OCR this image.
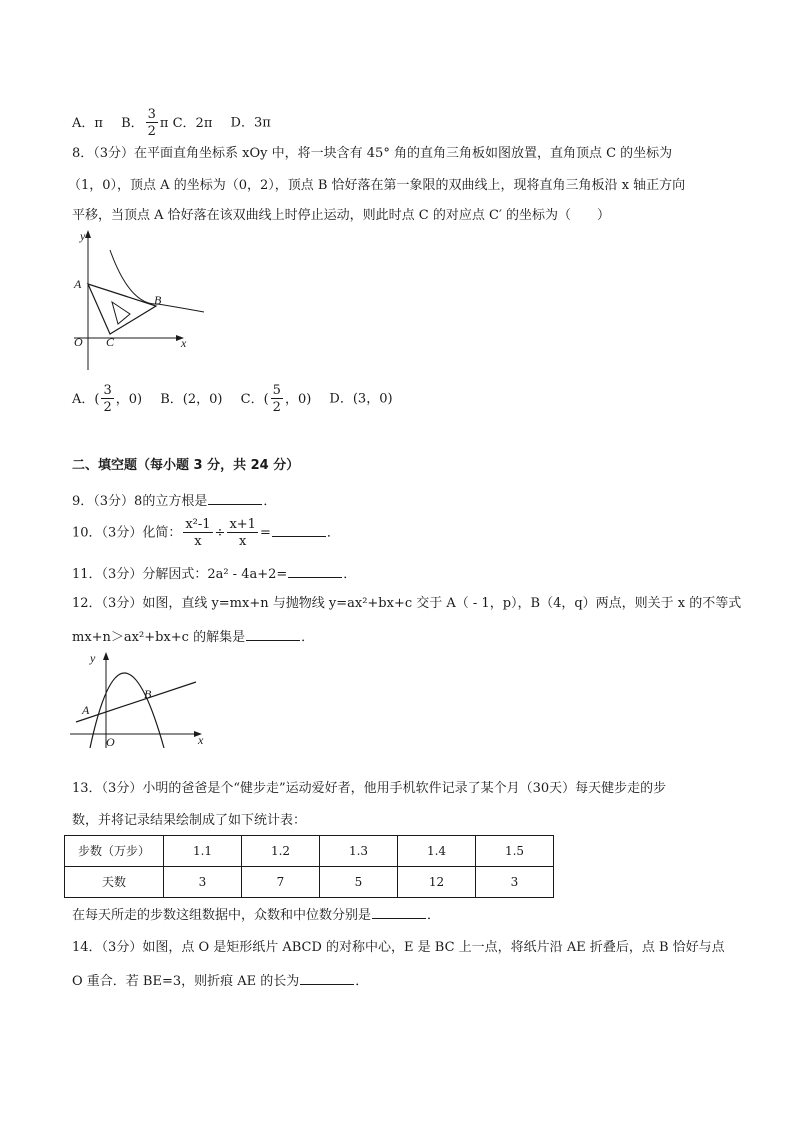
A．π B． $\frac{3}{2}$ π C．2π D．3π
8．（3分）在平面直角坐标系 xOy 中，将一块含有 45° 角的直角三角板如图放置，直角顶点 C 的坐标为
（1，0），顶点 A 的坐标为（0，2），顶点 B 恰好落在第一象限的双曲线上，现将直角三角板沿 x 轴正方向
平移，当顶点 A 恰好落在该双曲线上时停止运动，则此时点 C 的对应点 C′ 的坐标为（　　）
y
A
B
O C	x
A．( $\frac{3}{2}$ ，0) B．(2，0) C．( $\frac{5}{2}$ ，0) D．(3，0)
二、填空题（每小题 3 分，共 24 分）
9．（3分）8的立方根是	．
10．（3分）化简： $\frac{\text{x²-1}}{x} \div \frac{x+1}{x}$ =	．
11．（3分）分解因式：2a² - 4a+2=	．
12．（3分）如图，直线 y=mx+n 与抛物线 y=ax²+bx+c 交于 A（ - 1，p），B（4，q）两点，则关于 x 的不等式
mx+n＞ax²+bx+c 的解集是	．
y
A
B
O	x
13．（3分）小明的爸爸是个“健步走”运动爱好者，他用手机软件记录了某个月（30天）每天健步走的步
数，并将记录结果绘制成了如下统计表：
步数（万步）	1.1	1.2	1.3	1.4	1.5
天数	3	7	5	12	3
在每天所走的步数这组数据中，众数和中位数分别是	．
14．（3分）如图，点 O 是矩形纸片 ABCD 的对称中心，E 是 BC 上一点，将纸片沿 AE 折叠后，点 B 恰好与点
O 重合．若 BE=3，则折痕 AE 的长为	．
